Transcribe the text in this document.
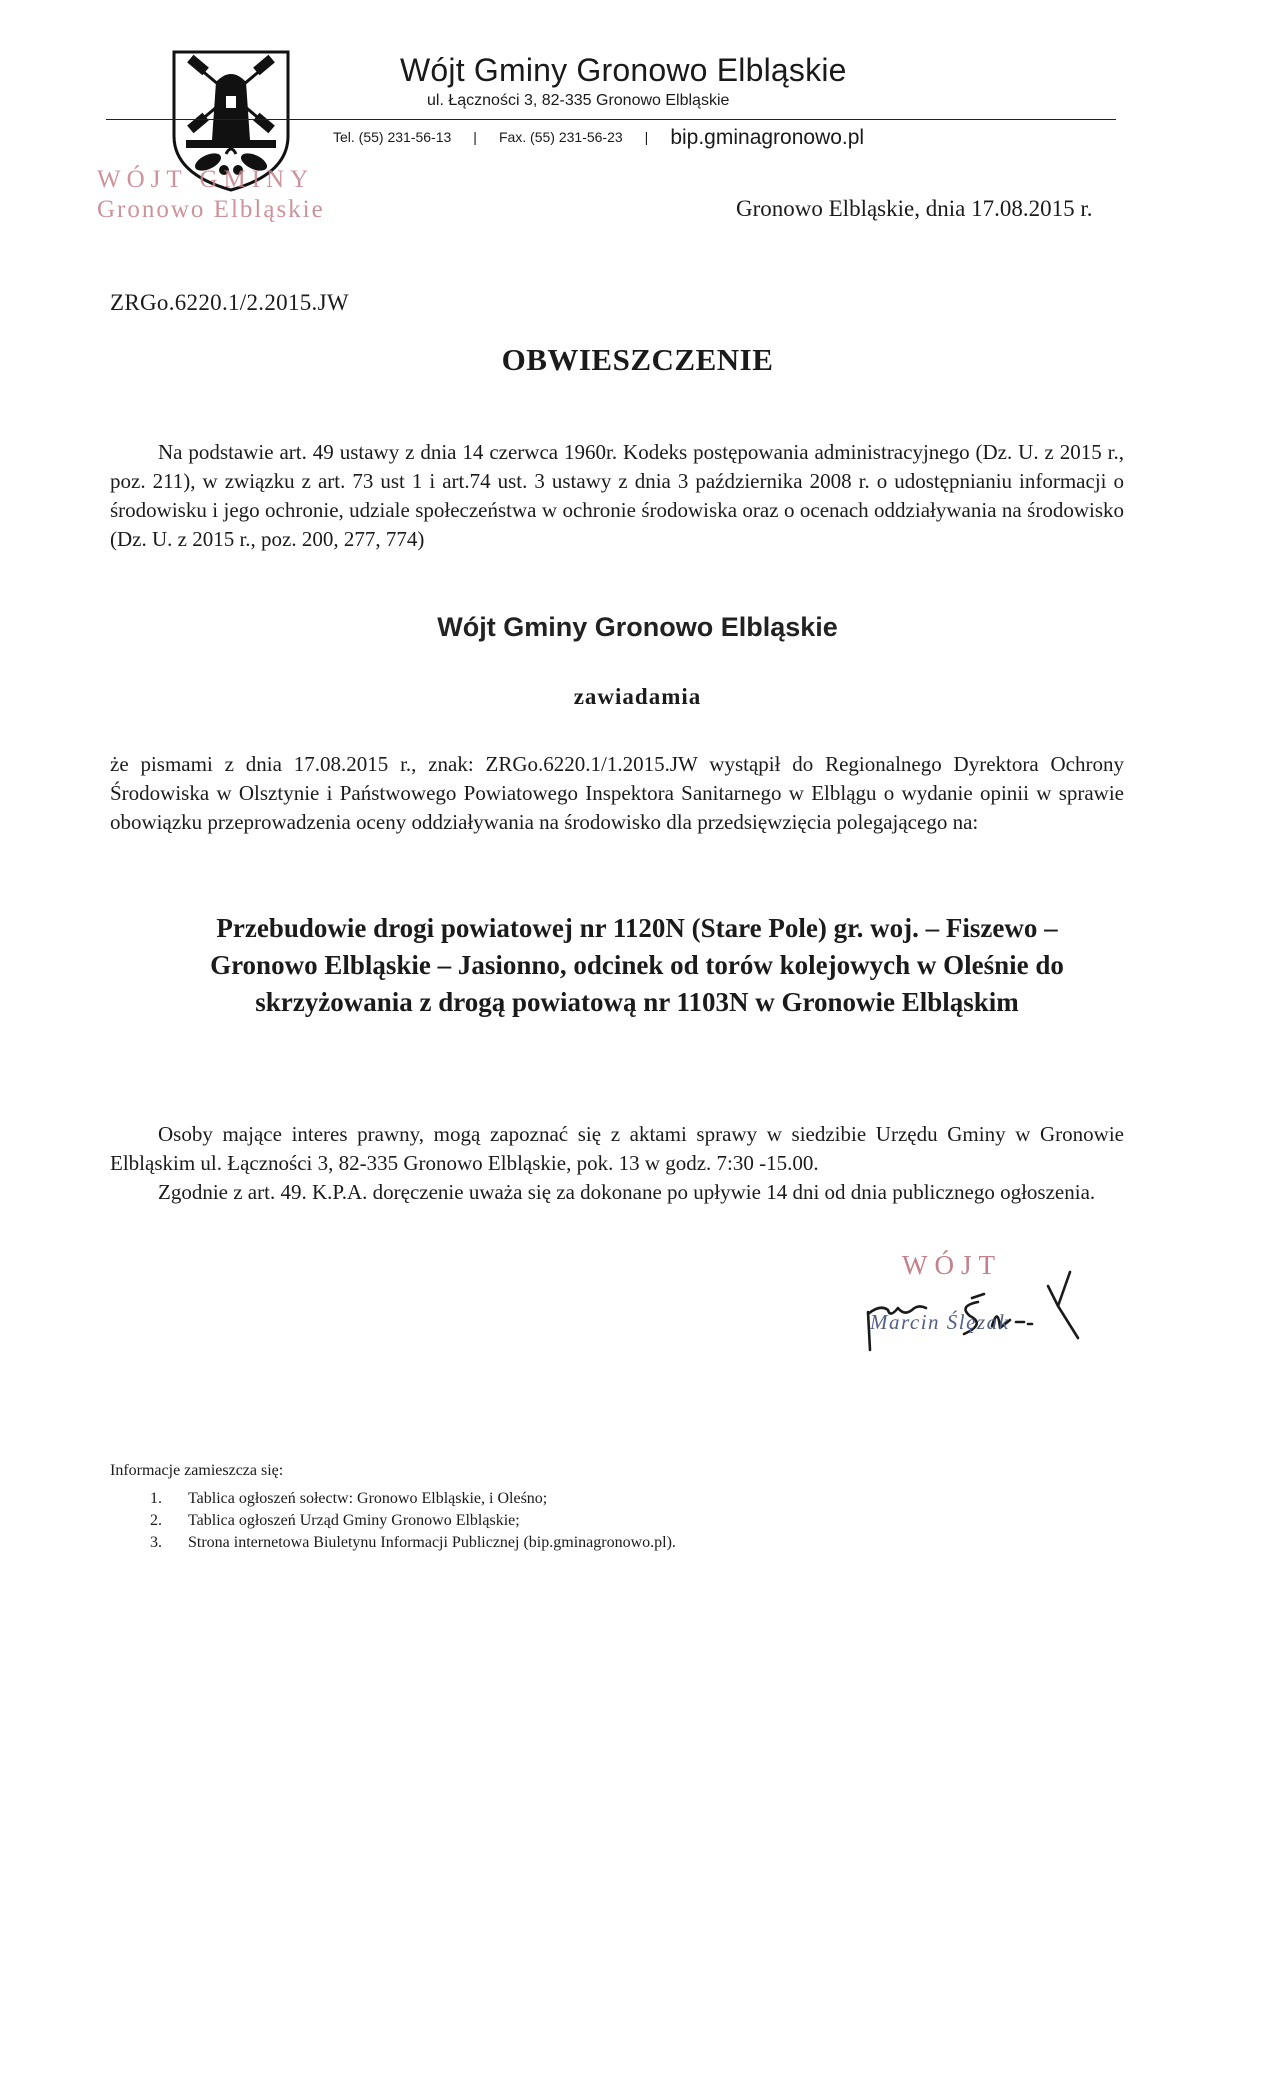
Wójt Gminy Gronowo Elbląskie
ul. Łączności 3, 82-335 Gronowo Elbląskie
Tel. (55) 231-56-13 | Fax. (55) 231-56-23 | bip.gminagronowo.pl
WÓJT GMINY
Gronowo Elbląskie	Gronowo Elbląskie, dnia 17.08.2015 r.
ZRGo.6220.1/2.2015.JW
OBWIESZCZENIE
Na podstawie art. 49 ustawy z dnia 14 czerwca 1960r. Kodeks postępowania administracyjnego (Dz. U. z 2015 r., poz. 211), w związku z art. 73 ust 1 i art.74 ust. 3 ustawy z dnia 3 października 2008 r. o udostępnianiu informacji o środowisku i jego ochronie, udziale społeczeństwa w ochronie środowiska oraz o ocenach oddziaływania na środowisko (Dz. U. z 2015 r., poz. 200, 277, 774)
Wójt Gminy Gronowo Elbląskie
zawiadamia
że pismami z dnia 17.08.2015 r., znak: ZRGo.6220.1/1.2015.JW wystąpił do Regionalnego Dyrektora Ochrony Środowiska w Olsztynie i Państwowego Powiatowego Inspektora Sanitarnego w Elblągu o wydanie opinii w sprawie obowiązku przeprowadzenia oceny oddziaływania na środowisko dla przedsięwzięcia polegającego na:
Przebudowie drogi powiatowej nr 1120N (Stare Pole) gr. woj. – Fiszewo –
Gronowo Elbląskie – Jasionno, odcinek od torów kolejowych w Oleśnie do
skrzyżowania z drogą powiatową nr 1103N w Gronowie Elbląskim
Osoby mające interes prawny, mogą zapoznać się z aktami sprawy w siedzibie Urzędu Gminy w Gronowie Elbląskim ul. Łączności 3, 82-335 Gronowo Elbląskie, pok. 13 w godz. 7:30 -15.00.
Zgodnie z art. 49. K.P.A. doręczenie uważa się za dokonane po upływie 14 dni od dnia publicznego ogłoszenia.
WÓJT
Marcin Ślęzak
Informacje zamieszcza się:
1. Tablica ogłoszeń sołectw: Gronowo Elbląskie, i Oleśno;
2. Tablica ogłoszeń Urząd Gminy Gronowo Elbląskie;
3. Strona internetowa Biuletynu Informacji Publicznej (bip.gminagronowo.pl).
